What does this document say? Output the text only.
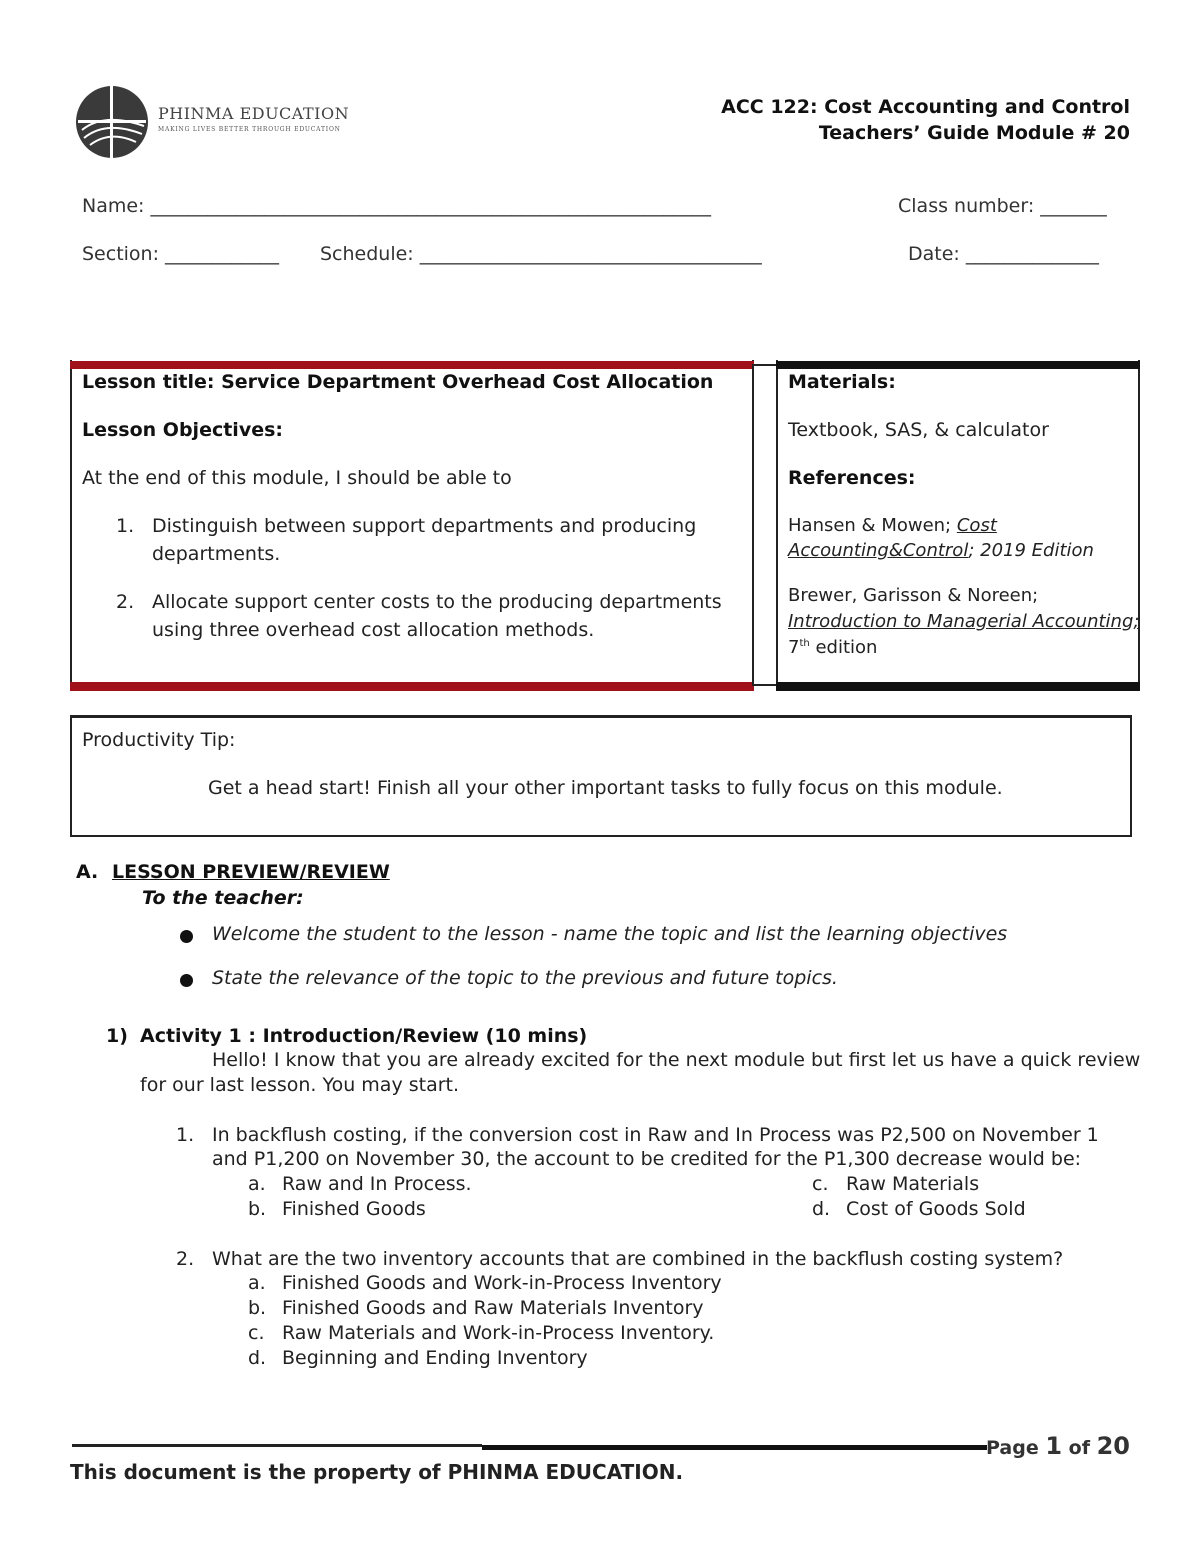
PHINMA EDUCATION
MAKING LIVES BETTER THROUGH EDUCATION
ACC 122: Cost Accounting and Control
Teachers’ Guide Module # 20
Name: ___________________________________________________________	Class number: _______
Section: ____________ Schedule: ____________________________________	Date: ______________
Lesson title: Service Department Overhead Cost Allocation
Lesson Objectives:
At the end of this module, I should be able to
1. Distinguish between support departments and producing
departments.
2. Allocate support center costs to the producing departments
using three overhead cost allocation methods.
Materials:
Textbook, SAS, & calculator
References:
Hansen & Mowen; Cost
Accounting&Control; 2019 Edition
Brewer, Garisson & Noreen;
Introduction to Managerial Accounting;
7th edition
Productivity Tip:
Get a head start! Finish all your other important tasks to fully focus on this module.
A. LESSON PREVIEW/REVIEW
To the teacher:
Welcome the student to the lesson - name the topic and list the learning objectives
State the relevance of the topic to the previous and future topics.
1) Activity 1 : Introduction/Review (10 mins)
Hello! I know that you are already excited for the next module but first let us have a quick review
for our last lesson. You may start.
1. In backflush costing, if the conversion cost in Raw and In Process was P2,500 on November 1
and P1,200 on November 30, the account to be credited for the P1,300 decrease would be:
a. Raw and In Process.
b. Finished Goods
c. Raw Materials
d. Cost of Goods Sold
2. What are the two inventory accounts that are combined in the backflush costing system?
a. Finished Goods and Work-in-Process Inventory
b. Finished Goods and Raw Materials Inventory
c. Raw Materials and Work-in-Process Inventory.
d. Beginning and Ending Inventory
Page 1 of 20
This document is the property of PHINMA EDUCATION.
